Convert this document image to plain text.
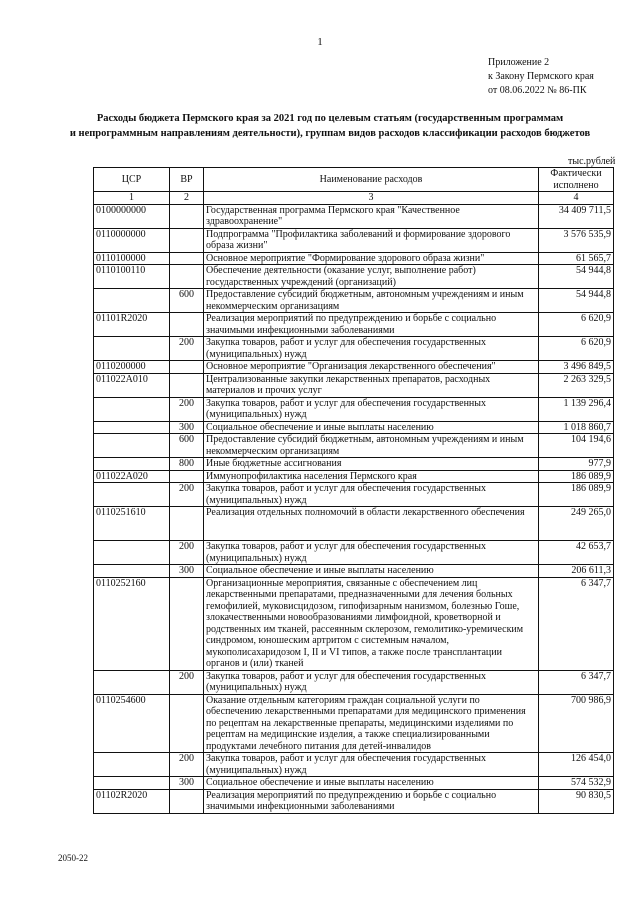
1
Приложение 2
к Закону Пермского края
от 08.06.2022 № 86-ПК
Расходы бюджета Пермского края за 2021 год по целевым статьям (государственным программам
и непрограммным направлениям деятельности), группам видов расходов классификации расходов бюджетов
тыс.рублей
ЦСР	ВР	Наименование расходов	Фактически исполнено
1	2	3	4
0100000000		Государственная программа Пермского края "Качественное здравоохранение"	34 409 711,5
0110000000		Подпрограмма "Профилактика заболеваний и формирование здорового образа жизни"	3 576 535,9
0110100000		Основное мероприятие "Формирование здорового образа жизни"	61 565,7
0110100110		Обеспечение деятельности (оказание услуг, выполнение работ) государственных учреждений (организаций)	54 944,8
	600	Предоставление субсидий бюджетным, автономным учреждениям и иным некоммерческим организациям	54 944,8
01101R2020		Реализация мероприятий по предупреждению и борьбе с социально значимыми инфекционными заболеваниями	6 620,9
	200	Закупка товаров, работ и услуг для обеспечения государственных (муниципальных) нужд	6 620,9
0110200000		Основное мероприятие "Организация лекарственного обеспечения"	3 496 849,5
011022А010		Централизованные закупки лекарственных препаратов, расходных материалов и прочих услуг	2 263 329,5
	200	Закупка товаров, работ и услуг для обеспечения государственных (муниципальных) нужд	1 139 296,4
	300	Социальное обеспечение и иные выплаты населению	1 018 860,7
	600	Предоставление субсидий бюджетным, автономным учреждениям и иным некоммерческим организациям	104 194,6
	800	Иные бюджетные ассигнования	977,9
011022А020		Иммунопрофилактика населения Пермского края	186 089,9
	200	Закупка товаров, работ и услуг для обеспечения государственных (муниципальных) нужд	186 089,9
0110251610		Реализация отдельных полномочий в области лекарственного обеспечения	249 265,0
	200	Закупка товаров, работ и услуг для обеспечения государственных (муниципальных) нужд	42 653,7
	300	Социальное обеспечение и иные выплаты населению	206 611,3
0110252160		Организационные мероприятия, связанные с обеспечением лиц лекарственными препаратами, предназначенными для лечения больных гемофилией, муковисцидозом, гипофизарным нанизмом, болезнью Гоше, злокачественными новообразованиями лимфоидной, кроветворной и родственных им тканей, рассеянным склерозом, гемолитико-уремическим синдромом, юношеским артритом с системным началом, мукополисахаридозом I, II и VI типов, а также после трансплантации органов и (или) тканей	6 347,7
	200	Закупка товаров, работ и услуг для обеспечения государственных (муниципальных) нужд	6 347,7
0110254600		Оказание отдельным категориям граждан социальной услуги по обеспечению лекарственными препаратами для медицинского применения по рецептам на лекарственные препараты, медицинскими изделиями по рецептам на медицинские изделия, а также специализированными продуктами лечебного питания для детей-инвалидов	700 986,9
	200	Закупка товаров, работ и услуг для обеспечения государственных (муниципальных) нужд	126 454,0
	300	Социальное обеспечение и иные выплаты населению	574 532,9
01102R2020		Реализация мероприятий по предупреждению и борьбе с социально значимыми инфекционными заболеваниями	90 830,5
2050-22
